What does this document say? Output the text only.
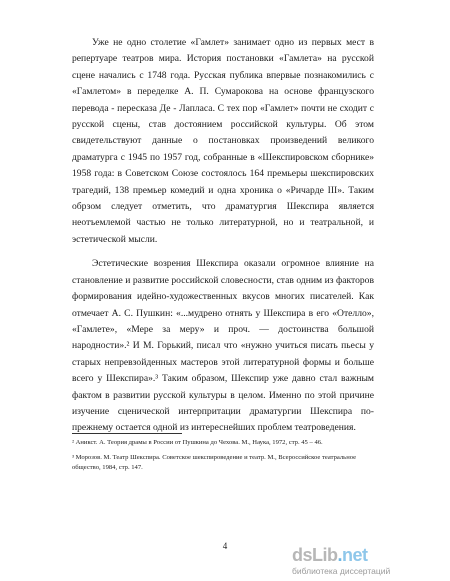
Уже не одно столетие «Гамлет» занимает одно из первых мест в репертуаре театров мира. История постановки «Гамлета» на русской сцене начались с 1748 года. Русская публика впервые познакомились с «Гамлетом» в переделке А. П. Сумарокова на основе французского перевода - пересказа Де - Лапласа. С тех пор «Гамлет» почти не сходит с русской сцены, став достоянием российской культуры. Об этом свидетельствуют данные о постановках произведений великого драматурга с 1945 по 1957 год, собранные в «Шекспировском сборнике» 1958 года: в Советском Союзе состоялось 164 премьеры шекспировских трагедий, 138 премьер комедий и одна хроника о «Ричарде III». Таким обрзом следует отметить, что драматургия Шекспира является неотъемлемой частью не только литературной, но и театральной, и эстетической мысли.

Эстетические возрения Шекспира оказали огромное влияние на становление и развитие российской словесности, став одним из факторов формирования идейно-художественных вкусов многих писателей. Как отмечает А. С. Пушкин: «...мудрено отнять у Шекспира в его «Отелло», «Гамлете», «Мере за меру» и проч. — достоинства большой народности».² И М. Горький, писал что «нужно учиться писать пьесы у старых непревзойденных мастеров этой литературной формы и больше всего у Шекспира».³ Таким образом, Шекспир уже давно стал важным фактом в развитии русской культуры в целом. Именно по этой причине изучение сценической интерпритации драматургии Шекспира по-прежнему остается одной из интереснейших проблем театроведения.

² Аникст. А. Теория драмы в России от Пушкина до Чехова. М., Наука, 1972, стр. 45 – 46.

³ Морозов. М. Театр Шекспира. Советское шекспироведение и театр. М., Всероссийское театральное общество, 1984, стр. 147.

4	dsLib.net
библиотека диссертаций
